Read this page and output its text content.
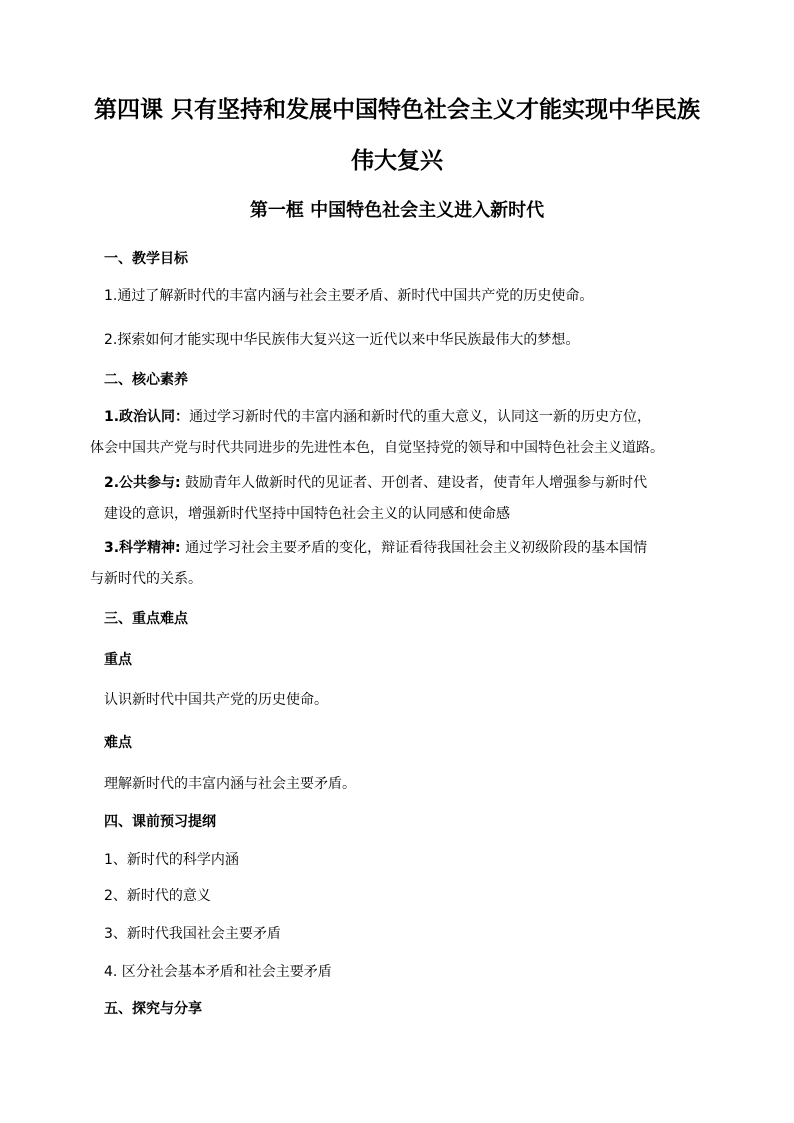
第四课 只有坚持和发展中国特色社会主义才能实现中华民族
伟大复兴
第一框 中国特色社会主义进入新时代
一、教学目标
1.通过了解新时代的丰富内涵与社会主要矛盾、新时代中国共产党的历史使命。
2.探索如何才能实现中华民族伟大复兴这一近代以来中华民族最伟大的梦想。
二、核心素养
1.政治认同：通过学习新时代的丰富内涵和新时代的重大意义，认同这一新的历史方位，
体会中国共产党与时代共同进步的先进性本色，自觉坚持党的领导和中国特色社会主义道路。
2.公共参与: 鼓励青年人做新时代的见证者、开创者、建设者，使青年人增强参与新时代
建设的意识，增强新时代坚持中国特色社会主义的认同感和使命感
3.科学精神: 通过学习社会主要矛盾的变化，辩证看待我国社会主义初级阶段的基本国情
与新时代的关系。
三、重点难点
重点
认识新时代中国共产党的历史使命。
难点
理解新时代的丰富内涵与社会主要矛盾。
四、课前预习提纲
1、新时代的科学内涵
2、新时代的意义
3、新时代我国社会主要矛盾
4. 区分社会基本矛盾和社会主要矛盾
五、探究与分享
